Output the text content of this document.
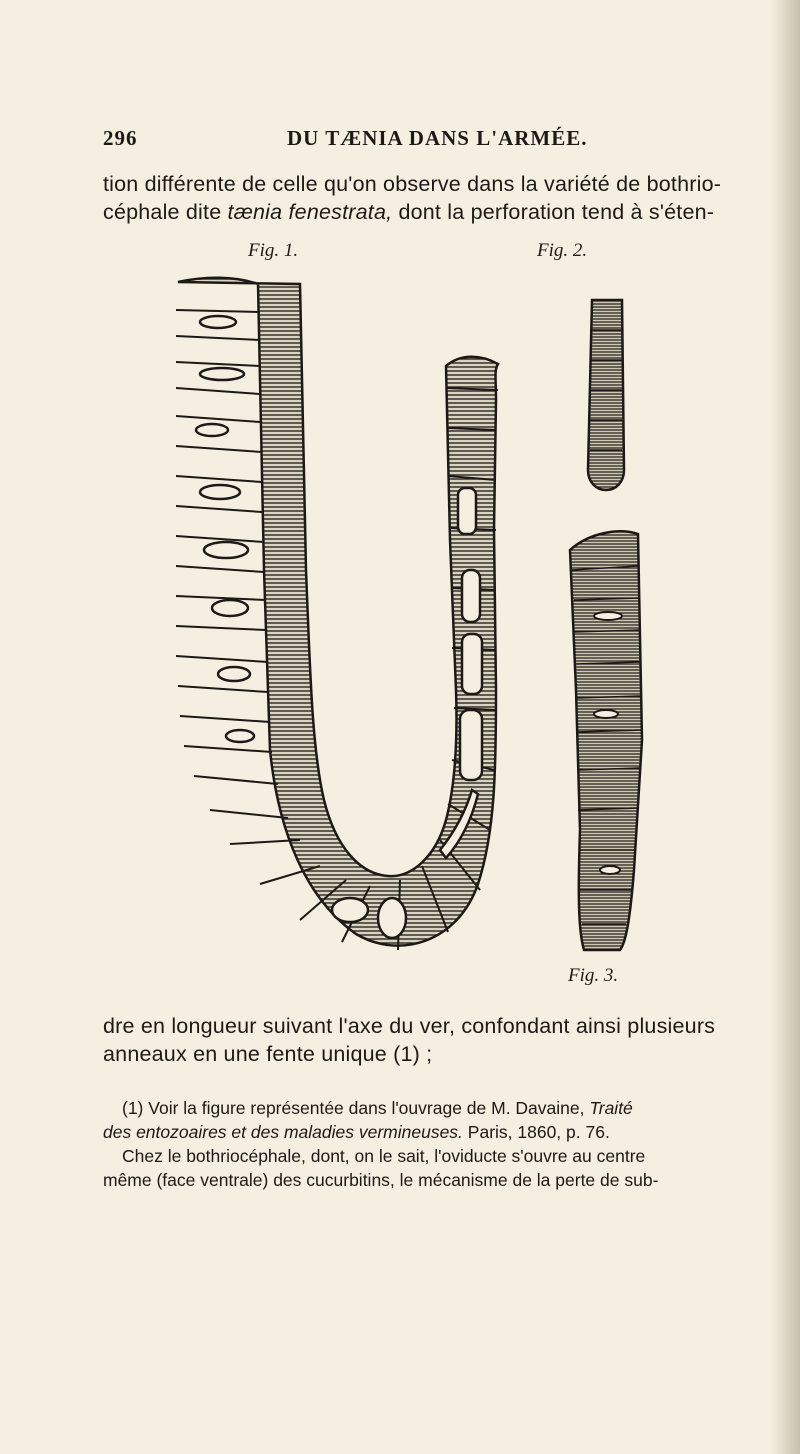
296	DU TÆNIA DANS L'ARMÉE.

tion différente de celle qu'on observe dans la variété de bothrio-

céphale dite tænia fenestrata, dont la perforation tend à s'éten-

Fig. 1.	Fig. 2.
Fig. 3.

dre en longueur suivant l'axe du ver, confondant ainsi plusieurs

anneaux en une fente unique (1) ;

(1) Voir la figure représentée dans l'ouvrage de M. Davaine, Traité

des entozoaires et des maladies vermineuses. Paris, 1860, p. 76.

Chez le bothriocéphale, dont, on le sait, l'oviducte s'ouvre au centre

même (face ventrale) des cucurbitins, le mécanisme de la perte de sub-
